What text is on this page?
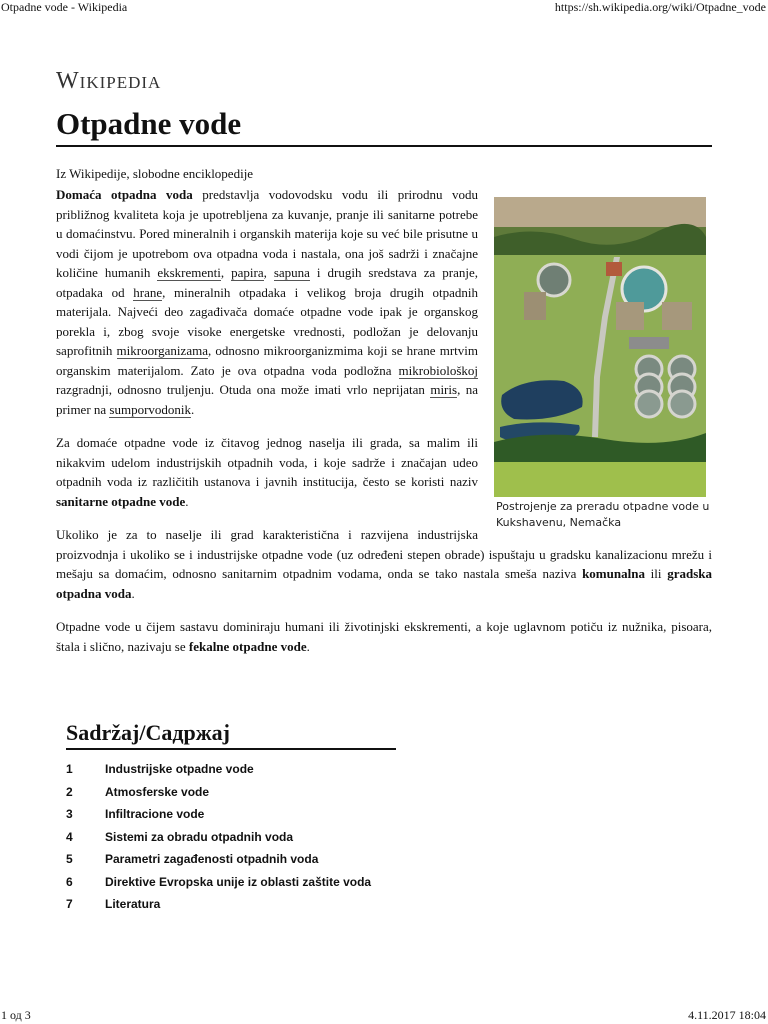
Otpadne vode - Wikipedia	https://sh.wikipedia.org/wiki/Otpadne_vode
Wikipedia
Otpadne vode
Iz Wikipedije, slobodne enciklopedije
Postrojenje za preradu otpadne vode u Kukshavenu, Nemačka

Domaća otpadna voda predstavlja vodovodsku vodu ili prirodnu vodu približnog kvaliteta koja je upotrebljena za kuvanje, pranje ili sanitarne potrebe u domaćinstvu. Pored mineralnih i organskih materija koje su već bile prisutne u vodi čijom je upotrebom ova otpadna voda i nastala, ona još sadrži i značajne količine humanih ekskrementi, papira, sapuna i drugih sredstava za pranje, otpadaka od hrane, mineralnih otpadaka i velikog broja drugih otpadnih materijala. Najveći deo zagađivača domaće otpadne vode ipak je organskog porekla i, zbog svoje visoke energetske vrednosti, podložan je delovanju saprofitnih mikroorganizama, odnosno mikroorganizmima koji se hrane mrtvim organskim materijalom. Zato je ova otpadna voda podložna mikrobiološkoj razgradnji, odnosno truljenju. Otuda ona može imati vrlo neprijatan miris, na primer na sumporvodonik.

Za domaće otpadne vode iz čitavog jednog naselja ili grada, sa malim ili nikakvim udelom industrijskih otpadnih voda, i koje sadrže i značajan udeo otpadnih voda iz različitih ustanova i javnih institucija, često se koristi naziv sanitarne otpadne vode.

Ukoliko je za to naselje ili grad karakteristična i razvijena industrijska proizvodnja i ukoliko se i industrijske otpadne vode (uz određeni stepen obrade) ispuštaju u gradsku kanalizacionu mrežu i mešaju sa domaćim, odnosno sanitarnim otpadnim vodama, onda se tako nastala smeša naziva komunalna ili gradska otpadna voda.

Otpadne vode u čijem sastavu dominiraju humani ili životinjski ekskrementi, a koje uglavnom potiču iz nužnika, pisoara, štala i slično, nazivaju se fekalne otpadne vode.

Sadržaj/Садржај
1	Industrijske otpadne vode
2	Atmosferske vode
3	Infiltracione vode
4	Sistemi za obradu otpadnih voda
5	Parametri zagađenosti otpadnih voda
6	Direktive Evropska unije iz oblasti zaštite voda
7	Literatura
1 од 3	4.11.2017 18:04
